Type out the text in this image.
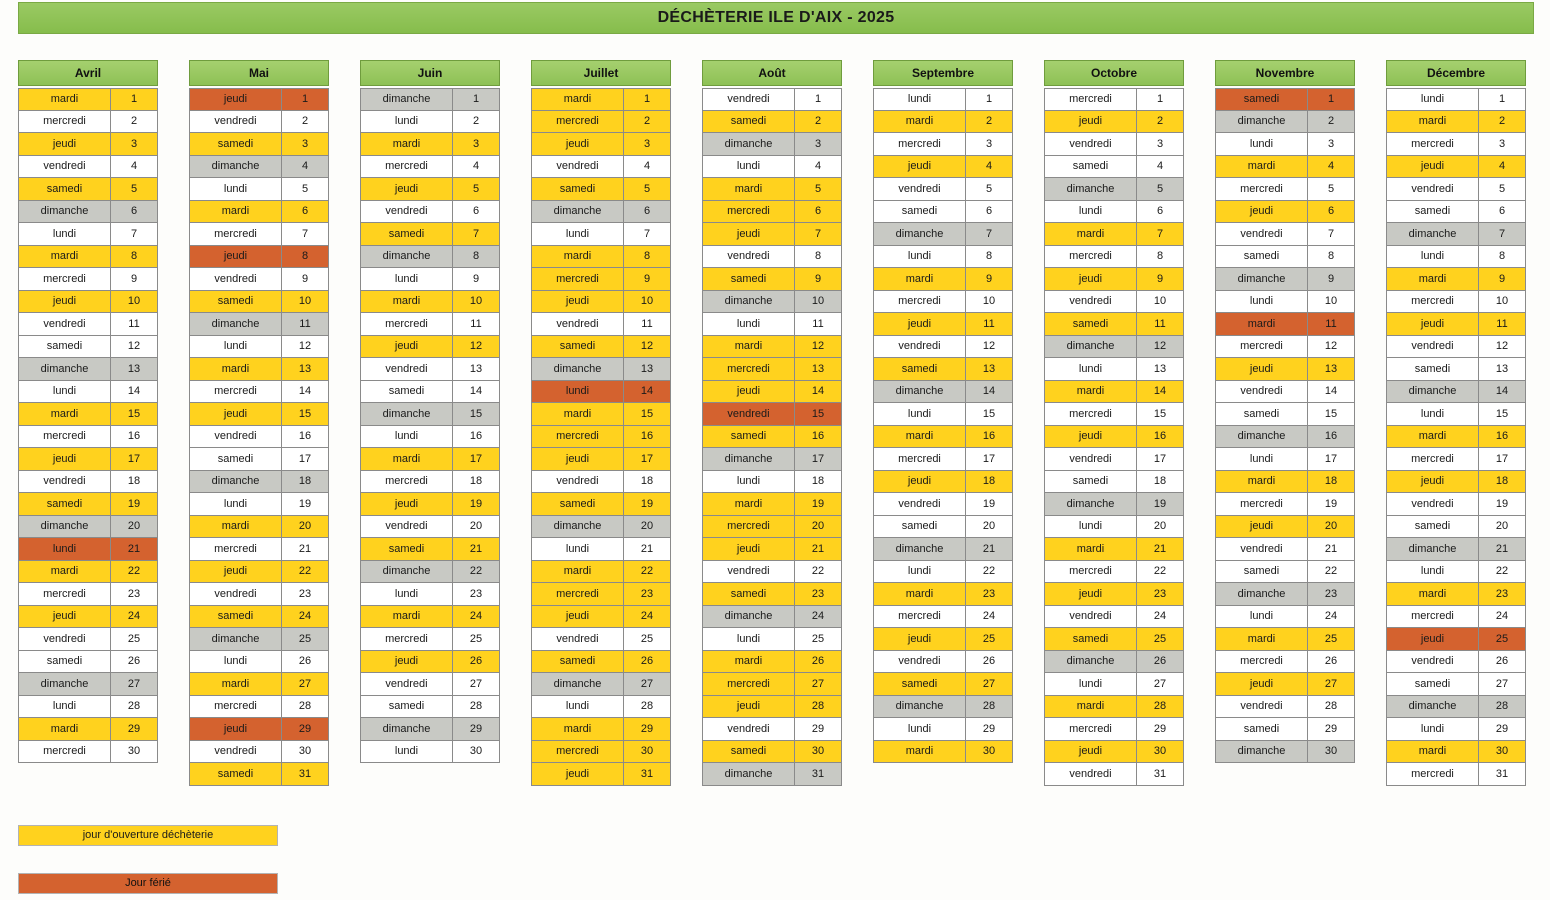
DÉCHÈTERIE ILE D'AIX - 2025
Avril
mardi	1
mercredi	2
jeudi	3
vendredi	4
samedi	5
dimanche	6
lundi	7
mardi	8
mercredi	9
jeudi	10
vendredi	11
samedi	12
dimanche	13
lundi	14
mardi	15
mercredi	16
jeudi	17
vendredi	18
samedi	19
dimanche	20
lundi	21
mardi	22
mercredi	23
jeudi	24
vendredi	25
samedi	26
dimanche	27
lundi	28
mardi	29
mercredi	30
Mai
jeudi	1
vendredi	2
samedi	3
dimanche	4
lundi	5
mardi	6
mercredi	7
jeudi	8
vendredi	9
samedi	10
dimanche	11
lundi	12
mardi	13
mercredi	14
jeudi	15
vendredi	16
samedi	17
dimanche	18
lundi	19
mardi	20
mercredi	21
jeudi	22
vendredi	23
samedi	24
dimanche	25
lundi	26
mardi	27
mercredi	28
jeudi	29
vendredi	30
samedi	31
Juin
dimanche	1
lundi	2
mardi	3
mercredi	4
jeudi	5
vendredi	6
samedi	7
dimanche	8
lundi	9
mardi	10
mercredi	11
jeudi	12
vendredi	13
samedi	14
dimanche	15
lundi	16
mardi	17
mercredi	18
jeudi	19
vendredi	20
samedi	21
dimanche	22
lundi	23
mardi	24
mercredi	25
jeudi	26
vendredi	27
samedi	28
dimanche	29
lundi	30
Juillet
mardi	1
mercredi	2
jeudi	3
vendredi	4
samedi	5
dimanche	6
lundi	7
mardi	8
mercredi	9
jeudi	10
vendredi	11
samedi	12
dimanche	13
lundi	14
mardi	15
mercredi	16
jeudi	17
vendredi	18
samedi	19
dimanche	20
lundi	21
mardi	22
mercredi	23
jeudi	24
vendredi	25
samedi	26
dimanche	27
lundi	28
mardi	29
mercredi	30
jeudi	31
Août
vendredi	1
samedi	2
dimanche	3
lundi	4
mardi	5
mercredi	6
jeudi	7
vendredi	8
samedi	9
dimanche	10
lundi	11
mardi	12
mercredi	13
jeudi	14
vendredi	15
samedi	16
dimanche	17
lundi	18
mardi	19
mercredi	20
jeudi	21
vendredi	22
samedi	23
dimanche	24
lundi	25
mardi	26
mercredi	27
jeudi	28
vendredi	29
samedi	30
dimanche	31
Septembre
lundi	1
mardi	2
mercredi	3
jeudi	4
vendredi	5
samedi	6
dimanche	7
lundi	8
mardi	9
mercredi	10
jeudi	11
vendredi	12
samedi	13
dimanche	14
lundi	15
mardi	16
mercredi	17
jeudi	18
vendredi	19
samedi	20
dimanche	21
lundi	22
mardi	23
mercredi	24
jeudi	25
vendredi	26
samedi	27
dimanche	28
lundi	29
mardi	30
Octobre
mercredi	1
jeudi	2
vendredi	3
samedi	4
dimanche	5
lundi	6
mardi	7
mercredi	8
jeudi	9
vendredi	10
samedi	11
dimanche	12
lundi	13
mardi	14
mercredi	15
jeudi	16
vendredi	17
samedi	18
dimanche	19
lundi	20
mardi	21
mercredi	22
jeudi	23
vendredi	24
samedi	25
dimanche	26
lundi	27
mardi	28
mercredi	29
jeudi	30
vendredi	31
Novembre
samedi	1
dimanche	2
lundi	3
mardi	4
mercredi	5
jeudi	6
vendredi	7
samedi	8
dimanche	9
lundi	10
mardi	11
mercredi	12
jeudi	13
vendredi	14
samedi	15
dimanche	16
lundi	17
mardi	18
mercredi	19
jeudi	20
vendredi	21
samedi	22
dimanche	23
lundi	24
mardi	25
mercredi	26
jeudi	27
vendredi	28
samedi	29
dimanche	30
Décembre
lundi	1
mardi	2
mercredi	3
jeudi	4
vendredi	5
samedi	6
dimanche	7
lundi	8
mardi	9
mercredi	10
jeudi	11
vendredi	12
samedi	13
dimanche	14
lundi	15
mardi	16
mercredi	17
jeudi	18
vendredi	19
samedi	20
dimanche	21
lundi	22
mardi	23
mercredi	24
jeudi	25
vendredi	26
samedi	27
dimanche	28
lundi	29
mardi	30
mercredi	31
jour d'ouverture déchèterie
Jour férié
